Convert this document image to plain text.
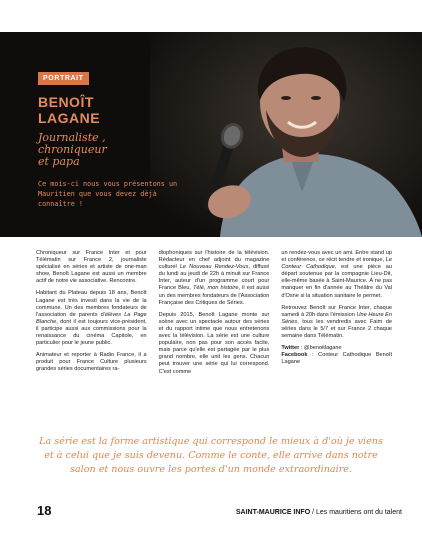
PORTRAIT
BENOÎT
LAGANE
Journaliste ,
chroniqueur
et papa
Ce mois-ci nous vous présentons un Mauritien que vous devez déjà connaître !

Chroniqueur sur France Inter et pour Télématin sur France 2, journaliste spécialisé en séries et artiste de one-man show, Benoît Lagane est aussi un membre actif de notre vie associative. Rencontre.

Habitant du Plateau depuis 18 ans, Benoît Lagane est très investi dans la vie de la commune. Un des membres fondateurs de l'association de parents d'élèves La Page Blanche, dont il est toujours vice-président, il participe aussi aux commissions pour la renaissance du cinéma Capitole, en particulier pour le jeune public.

Animateur et reporter à Radio France, il a produit pour France Culture plusieurs grandes séries documentaires ra-

diophoniques sur l'histoire de la télévision. Rédacteur en chef adjoint du magazine culturel Le Nouveau Rendez-Vous, diffusé du lundi au jeudi de 22h à minuit sur France Inter, auteur d'un programme court pour France Bleu, Télé, mon histoire, il est aussi un des membres fondateurs de l'Association Française des Critiques de Séries.

Depuis 2015, Benoît Lagane monte sur scène avec un spectacle autour des séries et du rapport intime que nous entretenons avec la télévision. La série est une culture populaire, non pas pour son accès facile, mais parce qu'elle est partagée par le plus grand nombre, elle unit les gens. Chacun peut trouver une série qui lui correspond. C'est comme

un rendez-vous avec un ami. Entre stand up et conférence, ce récit tendre et ironique, Le Conteur Cathodique, est une pièce au départ soutenue par la compagnie Lieu-Dit, elle-même basée à Saint-Maurice. À ne pas manquer en fin d'année au Théâtre du Val d'Osne si la situation sanitaire le permet.

Retrouvez Benoît sur France Inter, chaque samedi à 20h dans l'émission Une Heure En Séries, tous les vendredis avec Faim de séries dans le 5/7 et sur France 2 chaque semaine dans Télématin.

Twitter : @benoitlagane
Facebook : Conteur Cathodique Benoît Lagane

La série est la forme artistique qui correspond le mieux à d'où je viens et à celui que je suis devenu. Comme le conte, elle arrive dans notre salon et nous ouvre les portes d'un monde extraordinaire.
18	SAINT-MAURICE INFO / Les mauritiens ont du talent
